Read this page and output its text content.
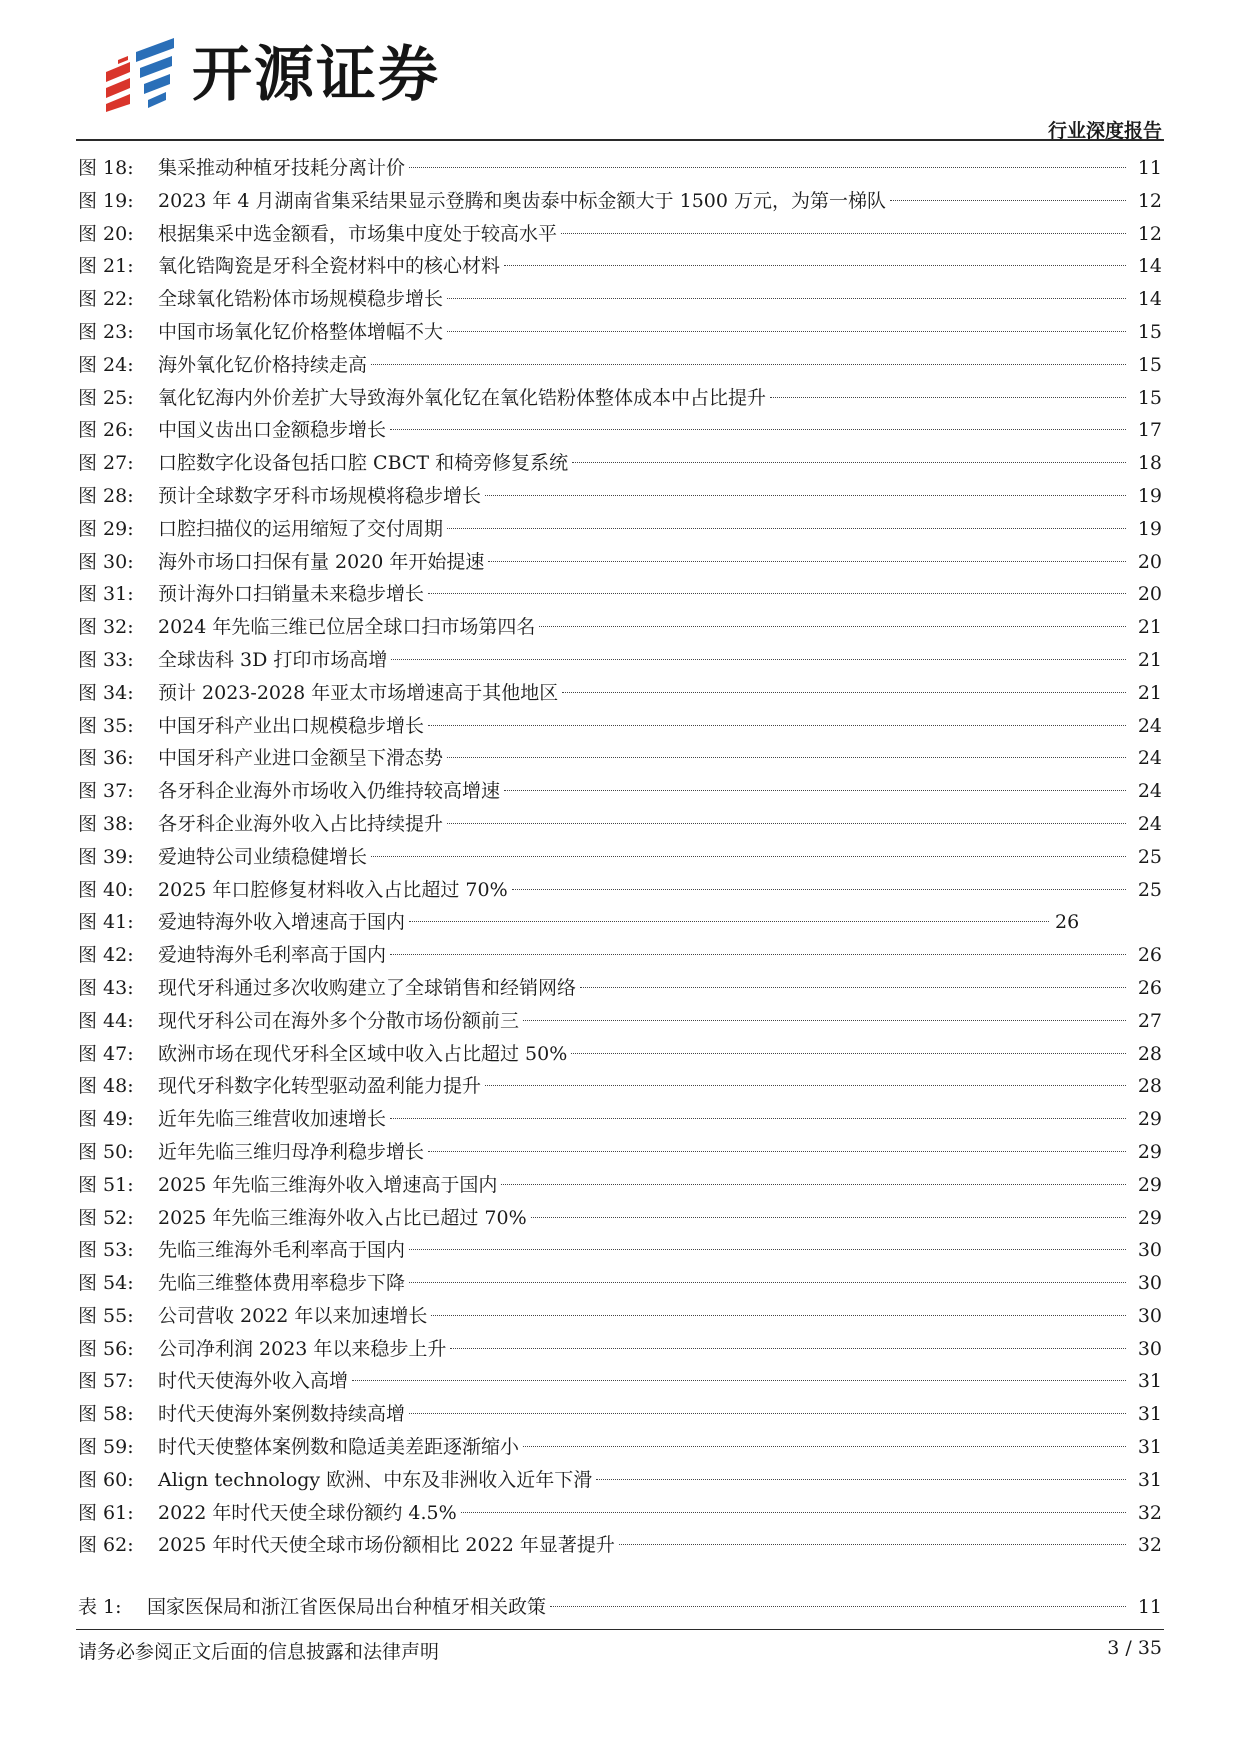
开源证券
行业深度报告
图 18:	集采推动种植牙技耗分离计价	11
图 19:	2023 年 4 月湖南省集采结果显示登腾和奥齿泰中标金额大于 1500 万元，为第一梯队	12
图 20:	根据集采中选金额看，市场集中度处于较高水平	12
图 21:	氧化锆陶瓷是牙科全瓷材料中的核心材料	14
图 22:	全球氧化锆粉体市场规模稳步增长	14
图 23:	中国市场氧化钇价格整体增幅不大	15
图 24:	海外氧化钇价格持续走高	15
图 25:	氧化钇海内外价差扩大导致海外氧化钇在氧化锆粉体整体成本中占比提升	15
图 26:	中国义齿出口金额稳步增长	17
图 27:	口腔数字化设备包括口腔 CBCT 和椅旁修复系统	18
图 28:	预计全球数字牙科市场规模将稳步增长	19
图 29:	口腔扫描仪的运用缩短了交付周期	19
图 30:	海外市场口扫保有量 2020 年开始提速	20
图 31:	预计海外口扫销量未来稳步增长	20
图 32:	2024 年先临三维已位居全球口扫市场第四名	21
图 33:	全球齿科 3D 打印市场高增	21
图 34:	预计 2023-2028 年亚太市场增速高于其他地区	21
图 35:	中国牙科产业出口规模稳步增长	24
图 36:	中国牙科产业进口金额呈下滑态势	24
图 37:	各牙科企业海外市场收入仍维持较高增速	24
图 38:	各牙科企业海外收入占比持续提升	24
图 39:	爱迪特公司业绩稳健增长	25
图 40:	2025 年口腔修复材料收入占比超过 70%	25
图 41:	爱迪特海外收入增速高于国内	26
图 42:	爱迪特海外毛利率高于国内	26
图 43:	现代牙科通过多次收购建立了全球销售和经销网络	26
图 44:	现代牙科公司在海外多个分散市场份额前三	27
图 47:	欧洲市场在现代牙科全区域中收入占比超过 50%	28
图 48:	现代牙科数字化转型驱动盈利能力提升	28
图 49:	近年先临三维营收加速增长	29
图 50:	近年先临三维归母净利稳步增长	29
图 51:	2025 年先临三维海外收入增速高于国内	29
图 52:	2025 年先临三维海外收入占比已超过 70%	29
图 53:	先临三维海外毛利率高于国内	30
图 54:	先临三维整体费用率稳步下降	30
图 55:	公司营收 2022 年以来加速增长	30
图 56:	公司净利润 2023 年以来稳步上升	30
图 57:	时代天使海外收入高增	31
图 58:	时代天使海外案例数持续高增	31
图 59:	时代天使整体案例数和隐适美差距逐渐缩小	31
图 60:	Align technology 欧洲、中东及非洲收入近年下滑	31
图 61:	2022 年时代天使全球份额约 4.5%	32
图 62:	2025 年时代天使全球市场份额相比 2022 年显著提升	32
表 1:	国家医保局和浙江省医保局出台种植牙相关政策	11
请务必参阅正文后面的信息披露和法律声明	3 / 35
